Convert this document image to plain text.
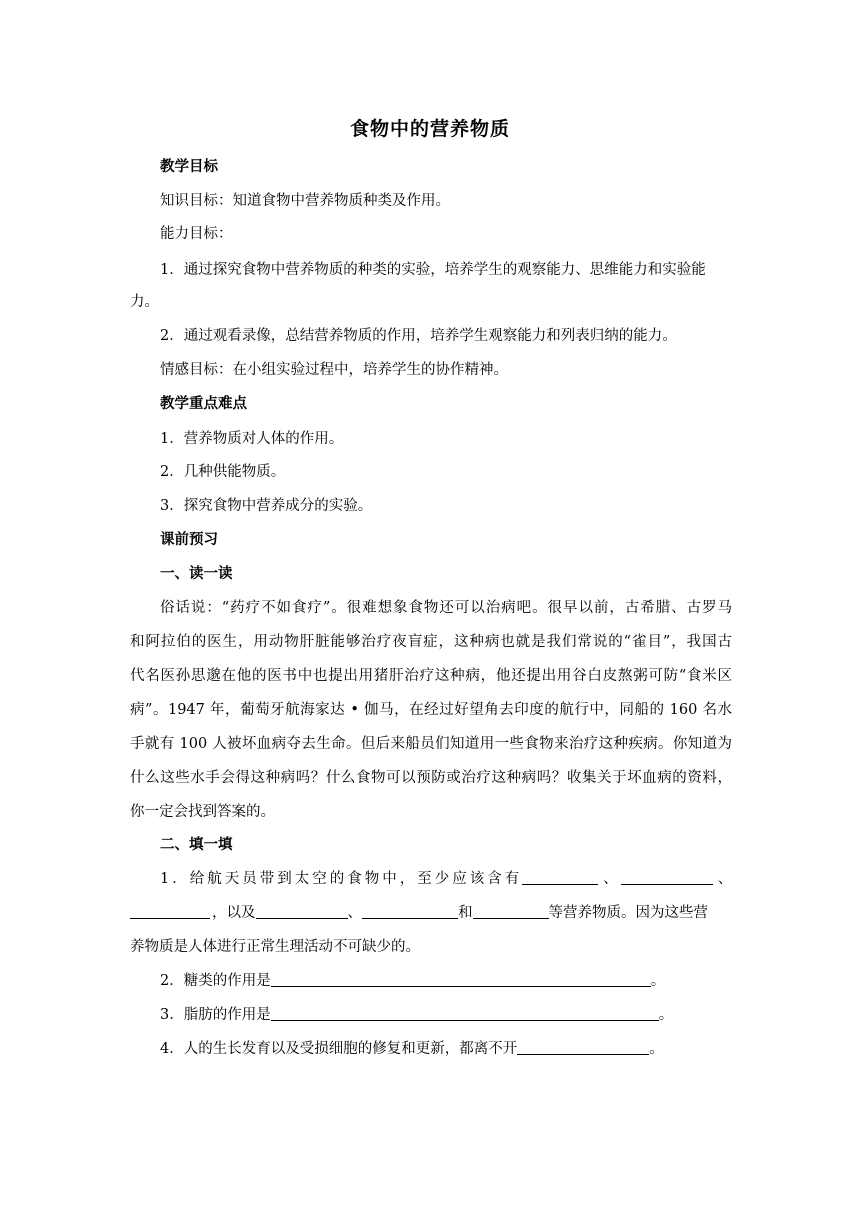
食物中的营养物质
教学目标
知识目标：知道食物中营养物质种类及作用。
能力目标：
1．通过探究食物中营养物质的种类的实验，培养学生的观察能力、思维能力和实验能
力。
2．通过观看录像，总结营养物质的作用，培养学生观察能力和列表归纳的能力。
情感目标：在小组实验过程中，培养学生的协作精神。
教学重点难点
1．营养物质对人体的作用。
2．几种供能物质。
3．探究食物中营养成分的实验。
课前预习
一、读一读
俗话说：“药疗不如食疗”。很难想象食物还可以治病吧。很早以前，古希腊、古罗马
和阿拉伯的医生，用动物肝脏能够治疗夜盲症，这种病也就是我们常说的“雀目”，我国古
代名医孙思邈在他的医书中也提出用猪肝治疗这种病，他还提出用谷白皮熬粥可防“食米区
病”。1947 年，葡萄牙航海家达 • 伽马，在经过好望角去印度的航行中，同船的 160 名水
手就有 100 人被坏血病夺去生命。但后来船员们知道用一些食物来治疗这种疾病。你知道为
什么这些水手会得这种病吗？什么食物可以预防或治疗这种病吗？收集关于坏血病的资料，
你一定会找到答案的。
二、填一填
1．给航天员带到太空的食物中，至少应该含有	、	、
，以及	、	和	等营养物质。因为这些营
养物质是人体进行正常生理活动不可缺少的。
2．糖类的作用是	。
3．脂肪的作用是	。
4．人的生长发育以及受损细胞的修复和更新，都离不开	。
